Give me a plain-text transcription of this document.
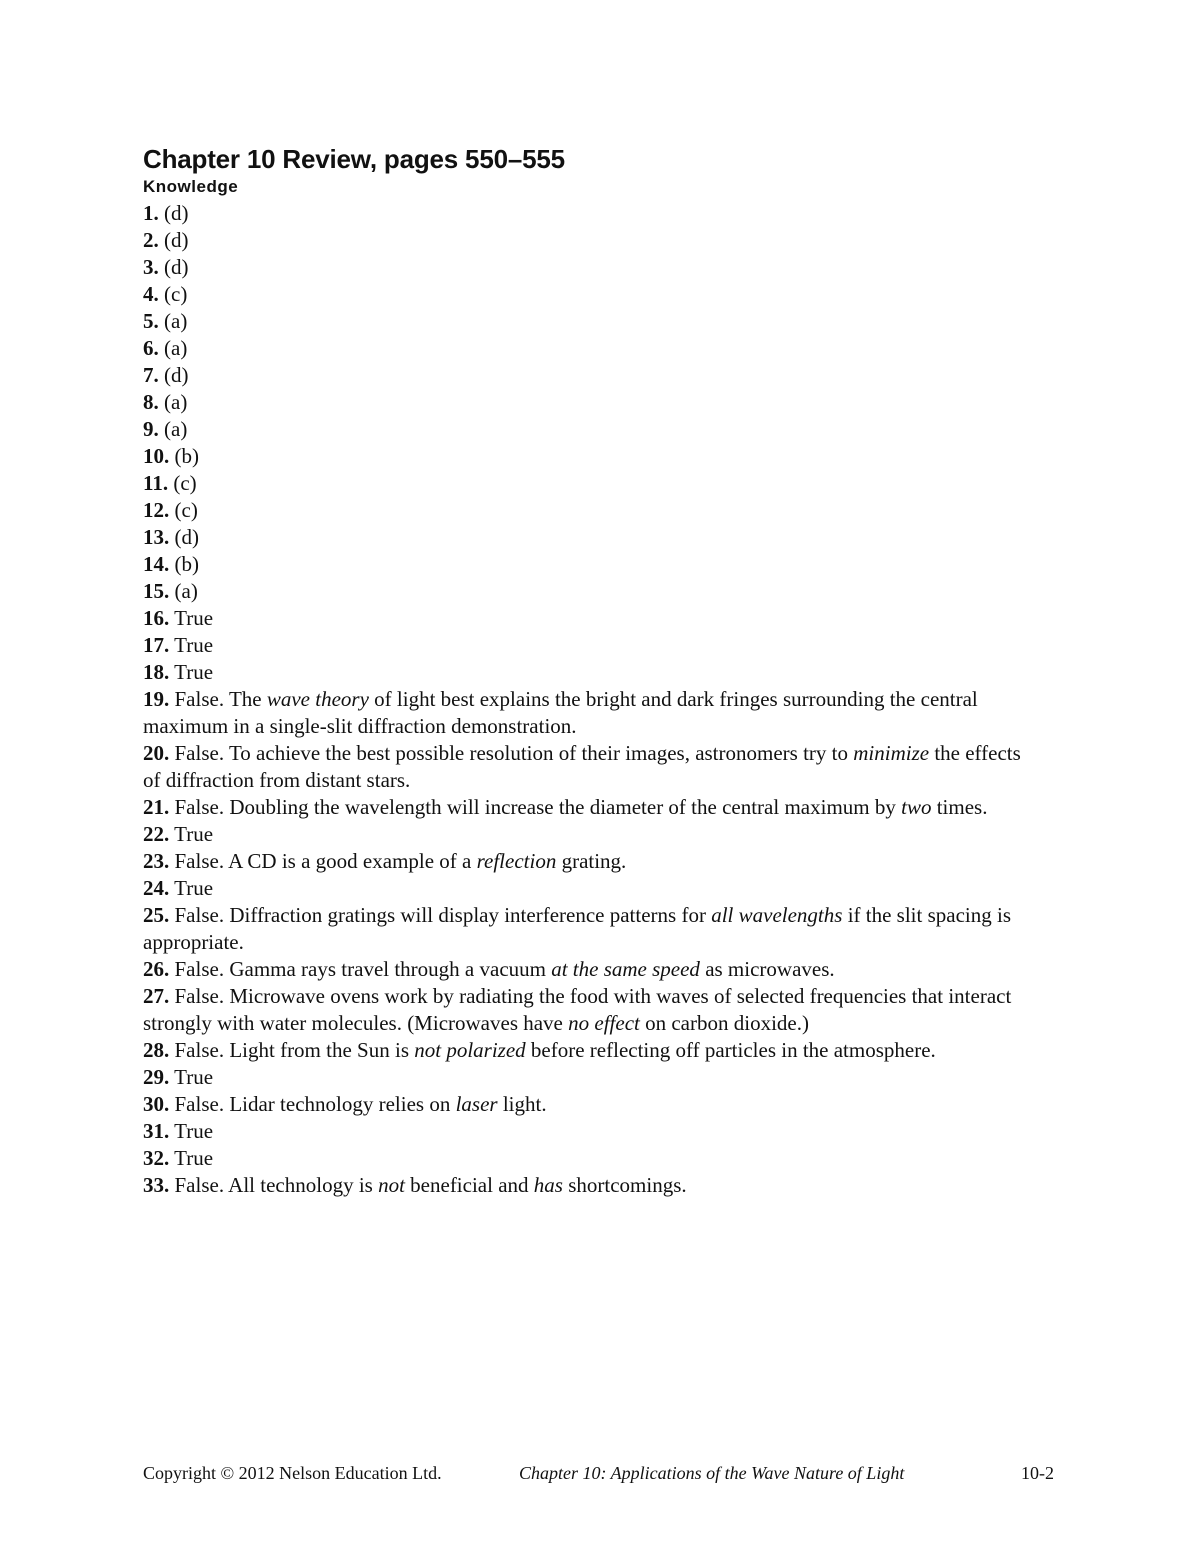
Chapter 10 Review, pages 550–555
Knowledge
1. (d)
2. (d)
3. (d)
4. (c)
5. (a)
6. (a)
7. (d)
8. (a)
9. (a)
10. (b)
11. (c)
12. (c)
13. (d)
14. (b)
15. (a)
16. True
17. True
18. True
19. False. The wave theory of light best explains the bright and dark fringes surrounding the central maximum in a single-slit diffraction demonstration.
20. False. To achieve the best possible resolution of their images, astronomers try to minimize the effects of diffraction from distant stars.
21. False. Doubling the wavelength will increase the diameter of the central maximum by two times.
22. True
23. False. A CD is a good example of a reflection grating.
24. True
25. False. Diffraction gratings will display interference patterns for all wavelengths if the slit spacing is appropriate.
26. False. Gamma rays travel through a vacuum at the same speed as microwaves.
27. False. Microwave ovens work by radiating the food with waves of selected frequencies that interact strongly with water molecules. (Microwaves have no effect on carbon dioxide.)
28. False. Light from the Sun is not polarized before reflecting off particles in the atmosphere.
29. True
30. False. Lidar technology relies on laser light.
31. True
32. True
33. False. All technology is not beneficial and has shortcomings.
Copyright © 2012 Nelson Education Ltd.	Chapter 10: Applications of the Wave Nature of Light	10-2
